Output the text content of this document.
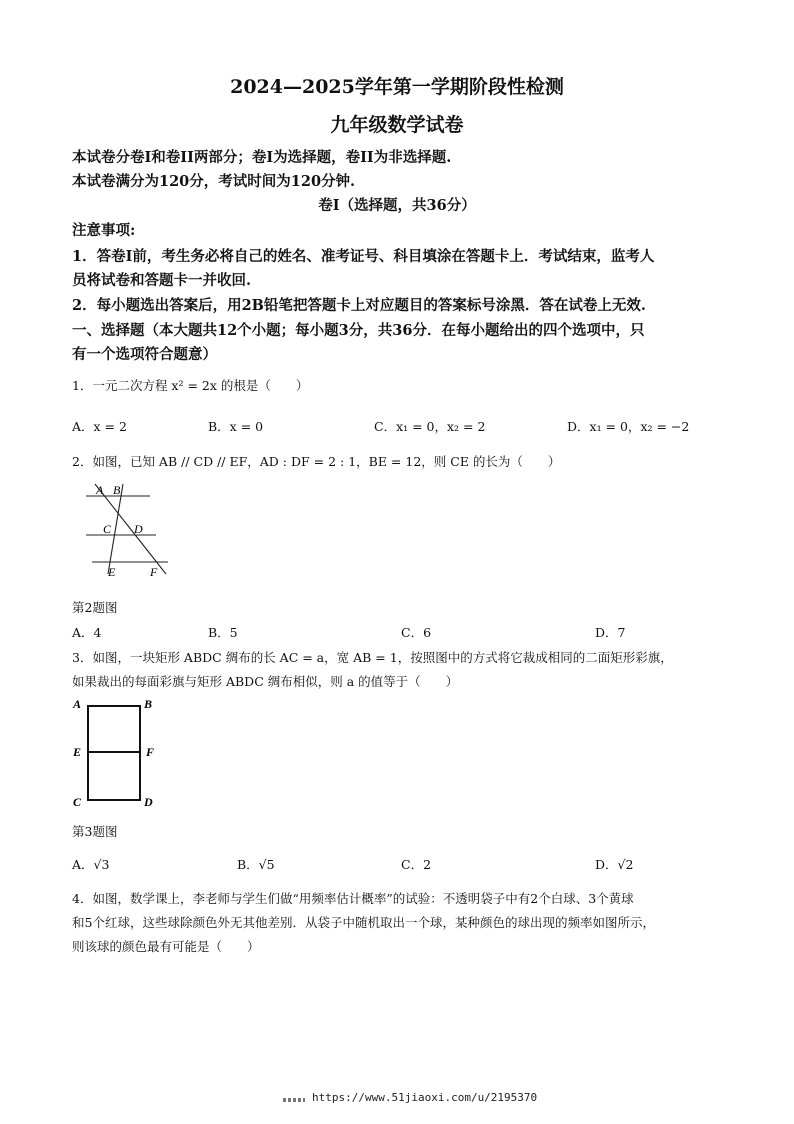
2024—2025学年第一学期阶段性检测
九年级数学试卷
本试卷分卷I和卷II两部分；卷I为选择题，卷II为非选择题.
本试卷满分为120分，考试时间为120分钟.
卷I（选择题，共36分）
注意事项:
1．答卷I前，考生务必将自己的姓名、准考证号、科目填涂在答题卡上．考试结束，监考人
员将试卷和答题卡一并收回.
2．每小题选出答案后，用2B铅笔把答题卡上对应题目的答案标号涂黑．答在试卷上无效.
一、选择题（本大题共12个小题；每小题3分，共36分．在每小题给出的四个选项中，只
有一个选项符合题意）
1．一元二次方程 x² = 2x 的根是（　　）
A．x = 2	B．x = 0	C．x₁ = 0，x₂ = 2	D．x₁ = 0，x₂ = −2
2．如图，已知 AB // CD // EF，AD : DF = 2 : 1，BE = 12，则 CE 的长为（　　）
A B
C D
E	F
第2题图
A．4	B．5	C．6	D．7
3．如图，一块矩形 ABDC 绸布的长 AC = a，宽 AB = 1，按照图中的方式将它裁成相同的二面矩形彩旗，
如果裁出的每面彩旗与矩形 ABDC 绸布相似，则 a 的值等于（　　）
A	B
E	F
C	D
第3题图
A．√3	B．√5	C．2	D．√2
4．如图，数学课上，李老师与学生们做“用频率估计概率”的试验：不透明袋子中有2个白球、3个黄球
和5个红球，这些球除颜色外无其他差别．从袋子中随机取出一个球，某种颜色的球出现的频率如图所示，
则该球的颜色最有可能是（　　）
https://www.51jiaoxi.com/u/2195370
